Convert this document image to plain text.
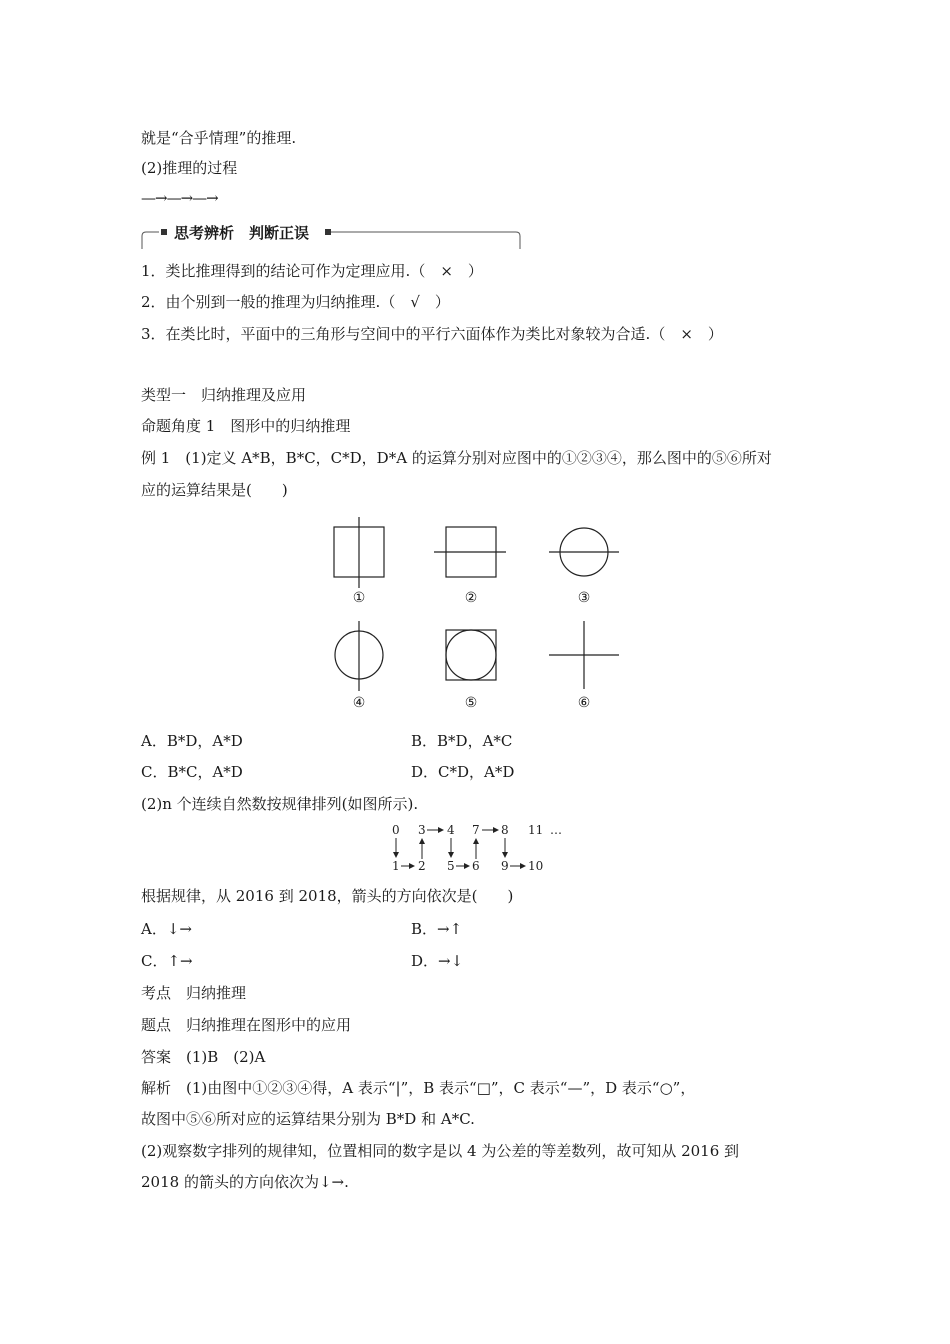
就是“合乎情理”的推理.
(2)推理的过程
—→—→—→
思考辨析　判断正误
1．类比推理得到的结论可作为定理应用.（　×　）
2．由个别到一般的推理为归纳推理.（　√　）
3．在类比时，平面中的三角形与空间中的平行六面体作为类比对象较为合适.（　×　）
类型一　归纳推理及应用
命题角度 1　图形中的归纳推理
例 1　(1)定义 A*B，B*C，C*D，D*A 的运算分别对应图中的①②③④，那么图中的⑤⑥所对
应的运算结果是(　　)
①	②	③
④	⑤	⑥
A．B*D，A*D	B．B*D，A*C
C．B*C，A*D	D．C*D，A*D
(2)n 个连续自然数按规律排列(如图所示).
0 3 4 7 8 11 …
1 2 5 6 9 10
根据规律，从 2016 到 2018，箭头的方向依次是(　　)
A．↓→	B．→↑
C．↑→	D．→↓
考点　归纳推理
题点　归纳推理在图形中的应用
答案　(1)B　(2)A
解析　(1)由图中①②③④得，A 表示“|”，B 表示“□”，C 表示“—”，D 表示“○”，
故图中⑤⑥所对应的运算结果分别为 B*D 和 A*C.
(2)观察数字排列的规律知，位置相同的数字是以 4 为公差的等差数列，故可知从 2016 到
2018 的箭头的方向依次为↓→.
